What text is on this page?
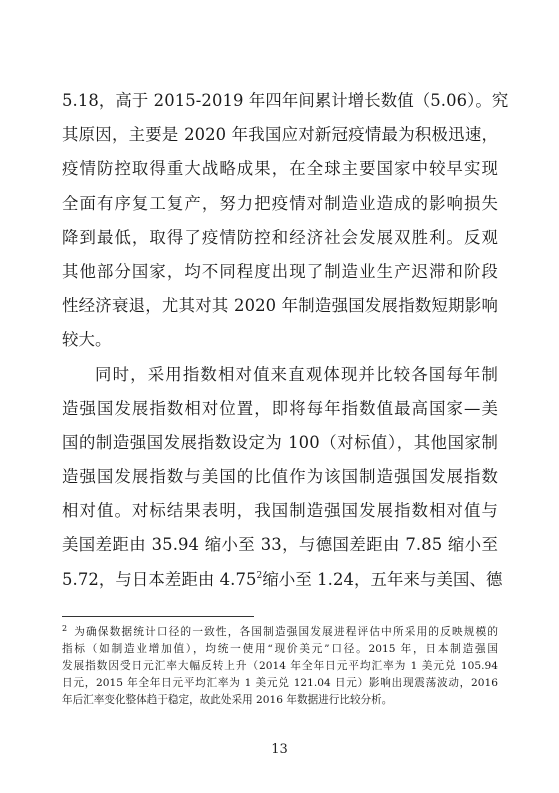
5.18，高于 2015-2019 年四年间累计增长数值（5.06）。究
其原因，主要是 2020 年我国应对新冠疫情最为积极迅速，
疫情防控取得重大战略成果，在全球主要国家中较早实现
全面有序复工复产，努力把疫情对制造业造成的影响损失
降到最低，取得了疫情防控和经济社会发展双胜利。反观
其他部分国家，均不同程度出现了制造业生产迟滞和阶段
性经济衰退，尤其对其 2020 年制造强国发展指数短期影响
较大。
同时，采用指数相对值来直观体现并比较各国每年制
造强国发展指数相对位置，即将每年指数值最高国家—美
国的制造强国发展指数设定为 100（对标值），其他国家制
造强国发展指数与美国的比值作为该国制造强国发展指数
相对值。对标结果表明，我国制造强国发展指数相对值与
美国差距由 35.94 缩小至 33，与德国差距由 7.85 缩小至
5.72，与日本差距由 4.75$^2$缩小至 1.24，五年来与美国、德
$^2$ 为确保数据统计口径的一致性，各国制造强国发展进程评估中所采用的反映规模的
指标（如制造业增加值），均统一使用“现价美元”口径。2015 年，日本制造强国
发展指数因受日元汇率大幅反转上升（2014 年全年日元平均汇率为 1 美元兑 105.94
日元，2015 年全年日元平均汇率为 1 美元兑 121.04 日元）影响出现震荡波动，2016
年后汇率变化整体趋于稳定，故此处采用 2016 年数据进行比较分析。
13
